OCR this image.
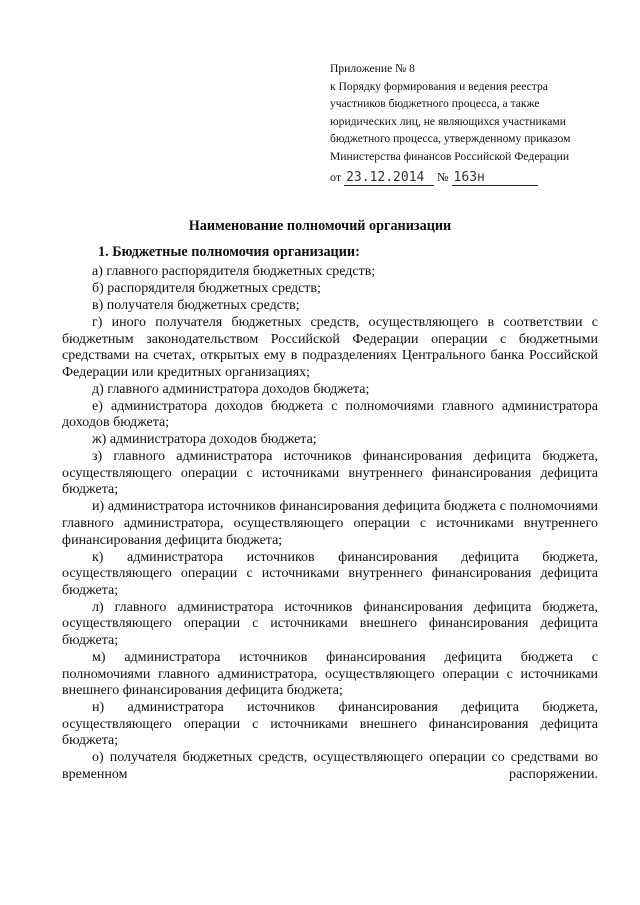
Приложение № 8
к Порядку формирования и ведения реестра
участников бюджетного процесса, а также
юридических лиц, не являющихся участниками
бюджетного процесса, утвержденному приказом
Министерства финансов Российской Федерации
от 23.12.2014 № 163н
Наименование полномочий организации
1. Бюджетные полномочия организации:

а) главного распорядителя бюджетных средств;

б) распорядителя бюджетных средств;

в) получателя бюджетных средств;

г) иного получателя бюджетных средств, осуществляющего в соответствии с бюджетным законодательством Российской Федерации операции с бюджетными средствами на счетах, открытых ему в подразделениях Центрального банка Российской Федерации или кредитных организациях;

д) главного администратора доходов бюджета;

е) администратора доходов бюджета с полномочиями главного администратора доходов бюджета;

ж) администратора доходов бюджета;

з) главного администратора источников финансирования дефицита бюджета, осуществляющего операции с источниками внутреннего финансирования дефицита бюджета;

и) администратора источников финансирования дефицита бюджета с полномочиями главного администратора, осуществляющего операции с источниками внутреннего финансирования дефицита бюджета;

к) администратора источников финансирования дефицита бюджета, осуществляющего операции с источниками внутреннего финансирования дефицита бюджета;

л) главного администратора источников финансирования дефицита бюджета, осуществляющего операции с источниками внешнего финансирования дефицита бюджета;

м) администратора источников финансирования дефицита бюджета с полномочиями главного администратора, осуществляющего операции с источниками внешнего финансирования дефицита бюджета;

н) администратора источников финансирования дефицита бюджета, осуществляющего операции с источниками внешнего финансирования дефицита бюджета;

о) получателя бюджетных средств, осуществляющего операции со средствами во временном распоряжении.
